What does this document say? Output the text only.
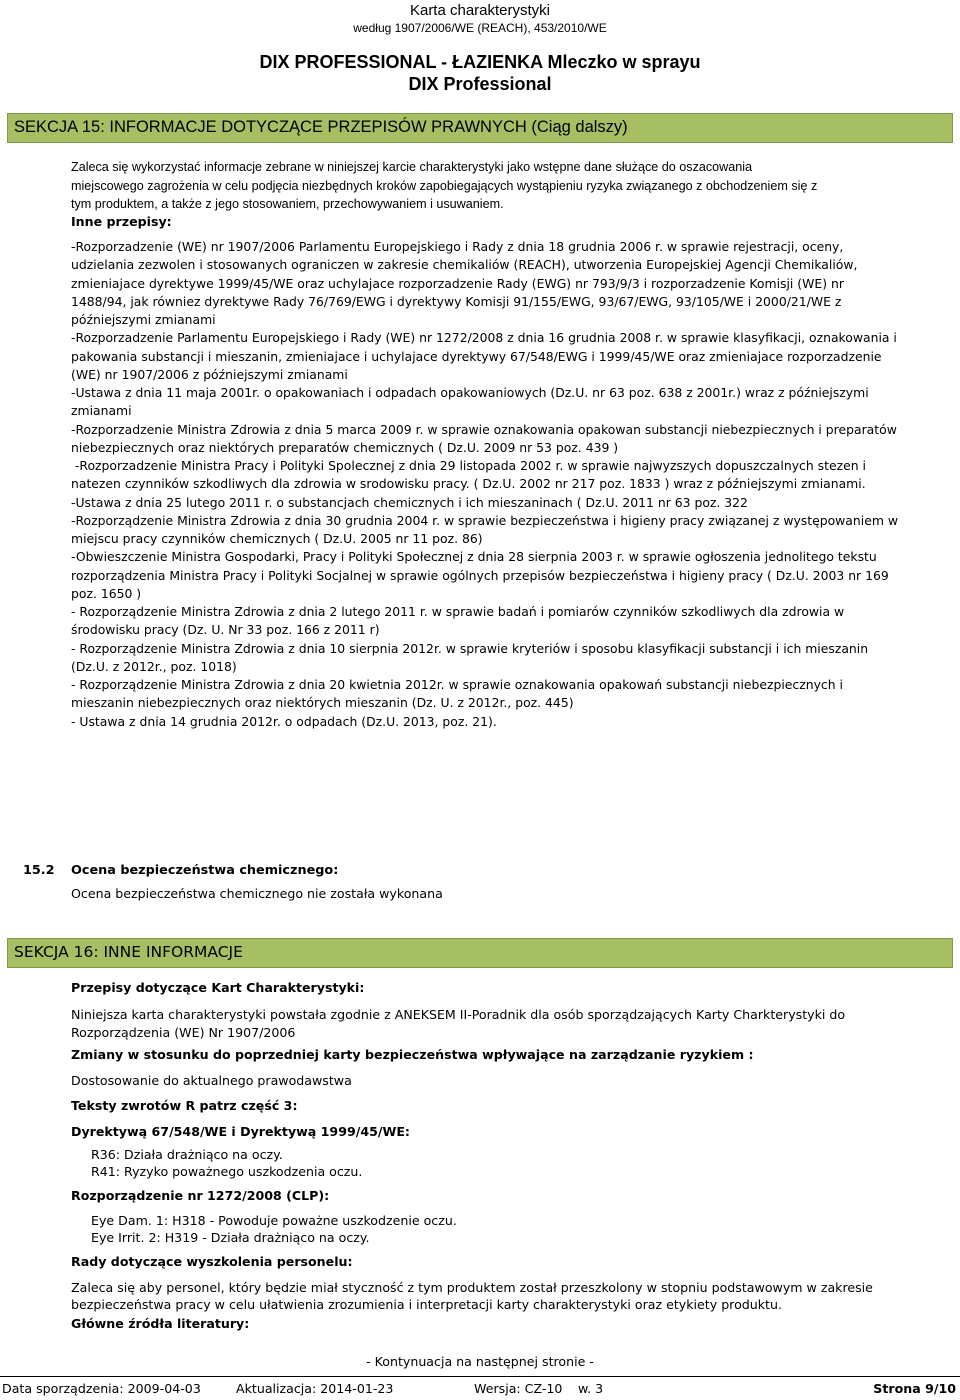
Karta charakterystyki
według 1907/2006/WE (REACH), 453/2010/WE
DIX PROFESSIONAL - ŁAZIENKA Mleczko w sprayu
DIX Professional
SEKCJA 15: INFORMACJE DOTYCZĄCE PRZEPISÓW PRAWNYCH (Ciąg dalszy)
Zaleca się wykorzystać informacje zebrane w niniejszej karcie charakterystyki jako wstępne dane służące do oszacowania
miejscowego zagrożenia w celu podjęcia niezbędnych kroków zapobiegających wystąpieniu ryzyka związanego z obchodzeniem się z
tym produktem, a także z jego stosowaniem, przechowywaniem i usuwaniem.
Inne przepisy:
-Rozporzadzenie (WE) nr 1907/2006 Parlamentu Europejskiego i Rady z dnia 18 grudnia 2006 r. w sprawie rejestracji, oceny,
udzielania zezwolen i stosowanych ograniczen w zakresie chemikaliów (REACH), utworzenia Europejskiej Agencji Chemikaliów,
zmieniajace dyrektywe 1999/45/WE oraz uchylajace rozporzadzenie Rady (EWG) nr 793/9/3 i rozporzadzenie Komisji (WE) nr
1488/94, jak równiez dyrektywe Rady 76/769/EWG i dyrektywy Komisji 91/155/EWG, 93/67/EWG, 93/105/WE i 2000/21/WE z
późniejszymi zmianami
-Rozporzadzenie Parlamentu Europejskiego i Rady (WE) nr 1272/2008 z dnia 16 grudnia 2008 r. w sprawie klasyfikacji, oznakowania i
pakowania substancji i mieszanin, zmieniajace i uchylajace dyrektywy 67/548/EWG i 1999/45/WE oraz zmieniajace rozporzadzenie
(WE) nr 1907/2006 z późniejszymi zmianami
-Ustawa z dnia 11 maja 2001r. o opakowaniach i odpadach opakowaniowych (Dz.U. nr 63 poz. 638 z 2001r.) wraz z późniejszymi
zmianami
-Rozporzadzenie Ministra Zdrowia z dnia 5 marca 2009 r. w sprawie oznakowania opakowan substancji niebezpiecznych i preparatów
niebezpiecznych oraz niektórych preparatów chemicznych ( Dz.U. 2009 nr 53 poz. 439 )
-Rozporzadzenie Ministra Pracy i Polityki Spolecznej z dnia 29 listopada 2002 r. w sprawie najwyzszych dopuszczalnych stezen i
natezen czynników szkodliwych dla zdrowia w srodowisku pracy. ( Dz.U. 2002 nr 217 poz. 1833 ) wraz z późniejszymi zmianami.
-Ustawa z dnia 25 lutego 2011 r. o substancjach chemicznych i ich mieszaninach ( Dz.U. 2011 nr 63 poz. 322
-Rozporządzenie Ministra Zdrowia z dnia 30 grudnia 2004 r. w sprawie bezpieczeństwa i higieny pracy związanej z występowaniem w
miejscu pracy czynników chemicznych ( Dz.U. 2005 nr 11 poz. 86)
-Obwieszczenie Ministra Gospodarki, Pracy i Polityki Społecznej z dnia 28 sierpnia 2003 r. w sprawie ogłoszenia jednolitego tekstu
rozporządzenia Ministra Pracy i Polityki Socjalnej w sprawie ogólnych przepisów bezpieczeństwa i higieny pracy ( Dz.U. 2003 nr 169
poz. 1650 )
- Rozporządzenie Ministra Zdrowia z dnia 2 lutego 2011 r. w sprawie badań i pomiarów czynników szkodliwych dla zdrowia w
środowisku pracy (Dz. U. Nr 33 poz. 166 z 2011 r)
- Rozporządzenie Ministra Zdrowia z dnia 10 sierpnia 2012r. w sprawie kryteriów i sposobu klasyfikacji substancji i ich mieszanin
(Dz.U. z 2012r., poz. 1018)
- Rozporządzenie Ministra Zdrowia z dnia 20 kwietnia 2012r. w sprawie oznakowania opakowań substancji niebezpiecznych i
mieszanin niebezpiecznych oraz niektórych mieszanin (Dz. U. z 2012r., poz. 445)
- Ustawa z dnia 14 grudnia 2012r. o odpadach (Dz.U. 2013, poz. 21).
15.2 Ocena bezpieczeństwa chemicznego:
Ocena bezpieczeństwa chemicznego nie została wykonana
SEKCJA 16: INNE INFORMACJE
Przepisy dotyczące Kart Charakterystyki:
Niniejsza karta charakterystyki powstała zgodnie z ANEKSEM II-Poradnik dla osób sporządzających Karty Charkterystyki do
Rozporządzenia (WE) Nr 1907/2006
Zmiany w stosunku do poprzedniej karty bezpieczeństwa wpływające na zarządzanie ryzykiem :
Dostosowanie do aktualnego prawodawstwa
Teksty zwrotów R patrz część 3:
Dyrektywą 67/548/WE i Dyrektywą 1999/45/WE:
R36: Działa drażniąco na oczy.
R41: Ryzyko poważnego uszkodzenia oczu.
Rozporządzenie nr 1272/2008 (CLP):
Eye Dam. 1: H318 - Powoduje poważne uszkodzenie oczu.
Eye Irrit. 2: H319 - Działa drażniąco na oczy.
Rady dotyczące wyszkolenia personelu:
Zaleca się aby personel, który będzie miał styczność z tym produktem został przeszkolony w stopniu podstawowym w zakresie
bezpieczeństwa pracy w celu ułatwienia zrozumienia i interpretacji karty charakterystyki oraz etykiety produktu.
Główne źródła literatury:
- Kontynuacja na następnej stronie -
Data sporządzenia: 2009-04-03	Aktualizacja: 2014-01-23	Wersja: CZ-10 w. 3	Strona 9/10
